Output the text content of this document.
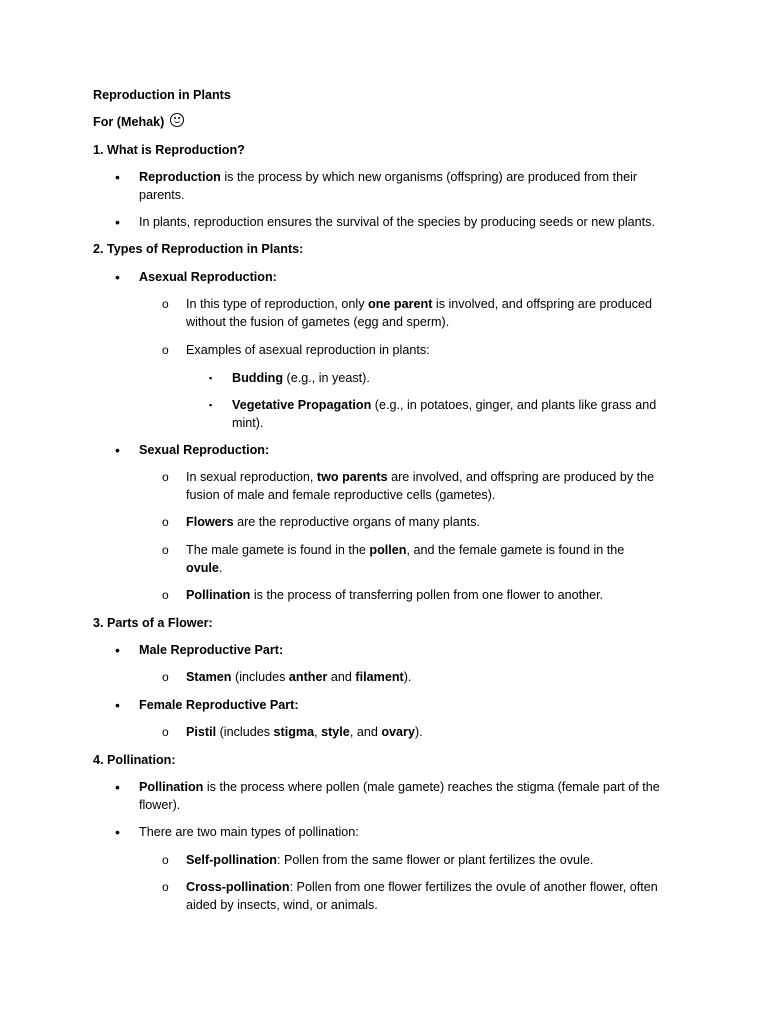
Reproduction in Plants
For (Mehak)
1. What is Reproduction?
• Reproduction is the process by which new organisms (offspring) are produced from their
parents.
• In plants, reproduction ensures the survival of the species by producing seeds or new plants.
2. Types of Reproduction in Plants:
• Asexual Reproduction:
o In this type of reproduction, only one parent is involved, and offspring are produced
without the fusion of gametes (egg and sperm).
o Examples of asexual reproduction in plants:
▪ Budding (e.g., in yeast).
▪ Vegetative Propagation (e.g., in potatoes, ginger, and plants like grass and
mint).
• Sexual Reproduction:
o In sexual reproduction, two parents are involved, and offspring are produced by the
fusion of male and female reproductive cells (gametes).
o Flowers are the reproductive organs of many plants.
o The male gamete is found in the pollen, and the female gamete is found in the
ovule.
o Pollination is the process of transferring pollen from one flower to another.
3. Parts of a Flower:
• Male Reproductive Part:
o Stamen (includes anther and filament).
• Female Reproductive Part:
o Pistil (includes stigma, style, and ovary).
4. Pollination:
• Pollination is the process where pollen (male gamete) reaches the stigma (female part of the
flower).
• There are two main types of pollination:
o Self-pollination: Pollen from the same flower or plant fertilizes the ovule.
o Cross-pollination: Pollen from one flower fertilizes the ovule of another flower, often
aided by insects, wind, or animals.
